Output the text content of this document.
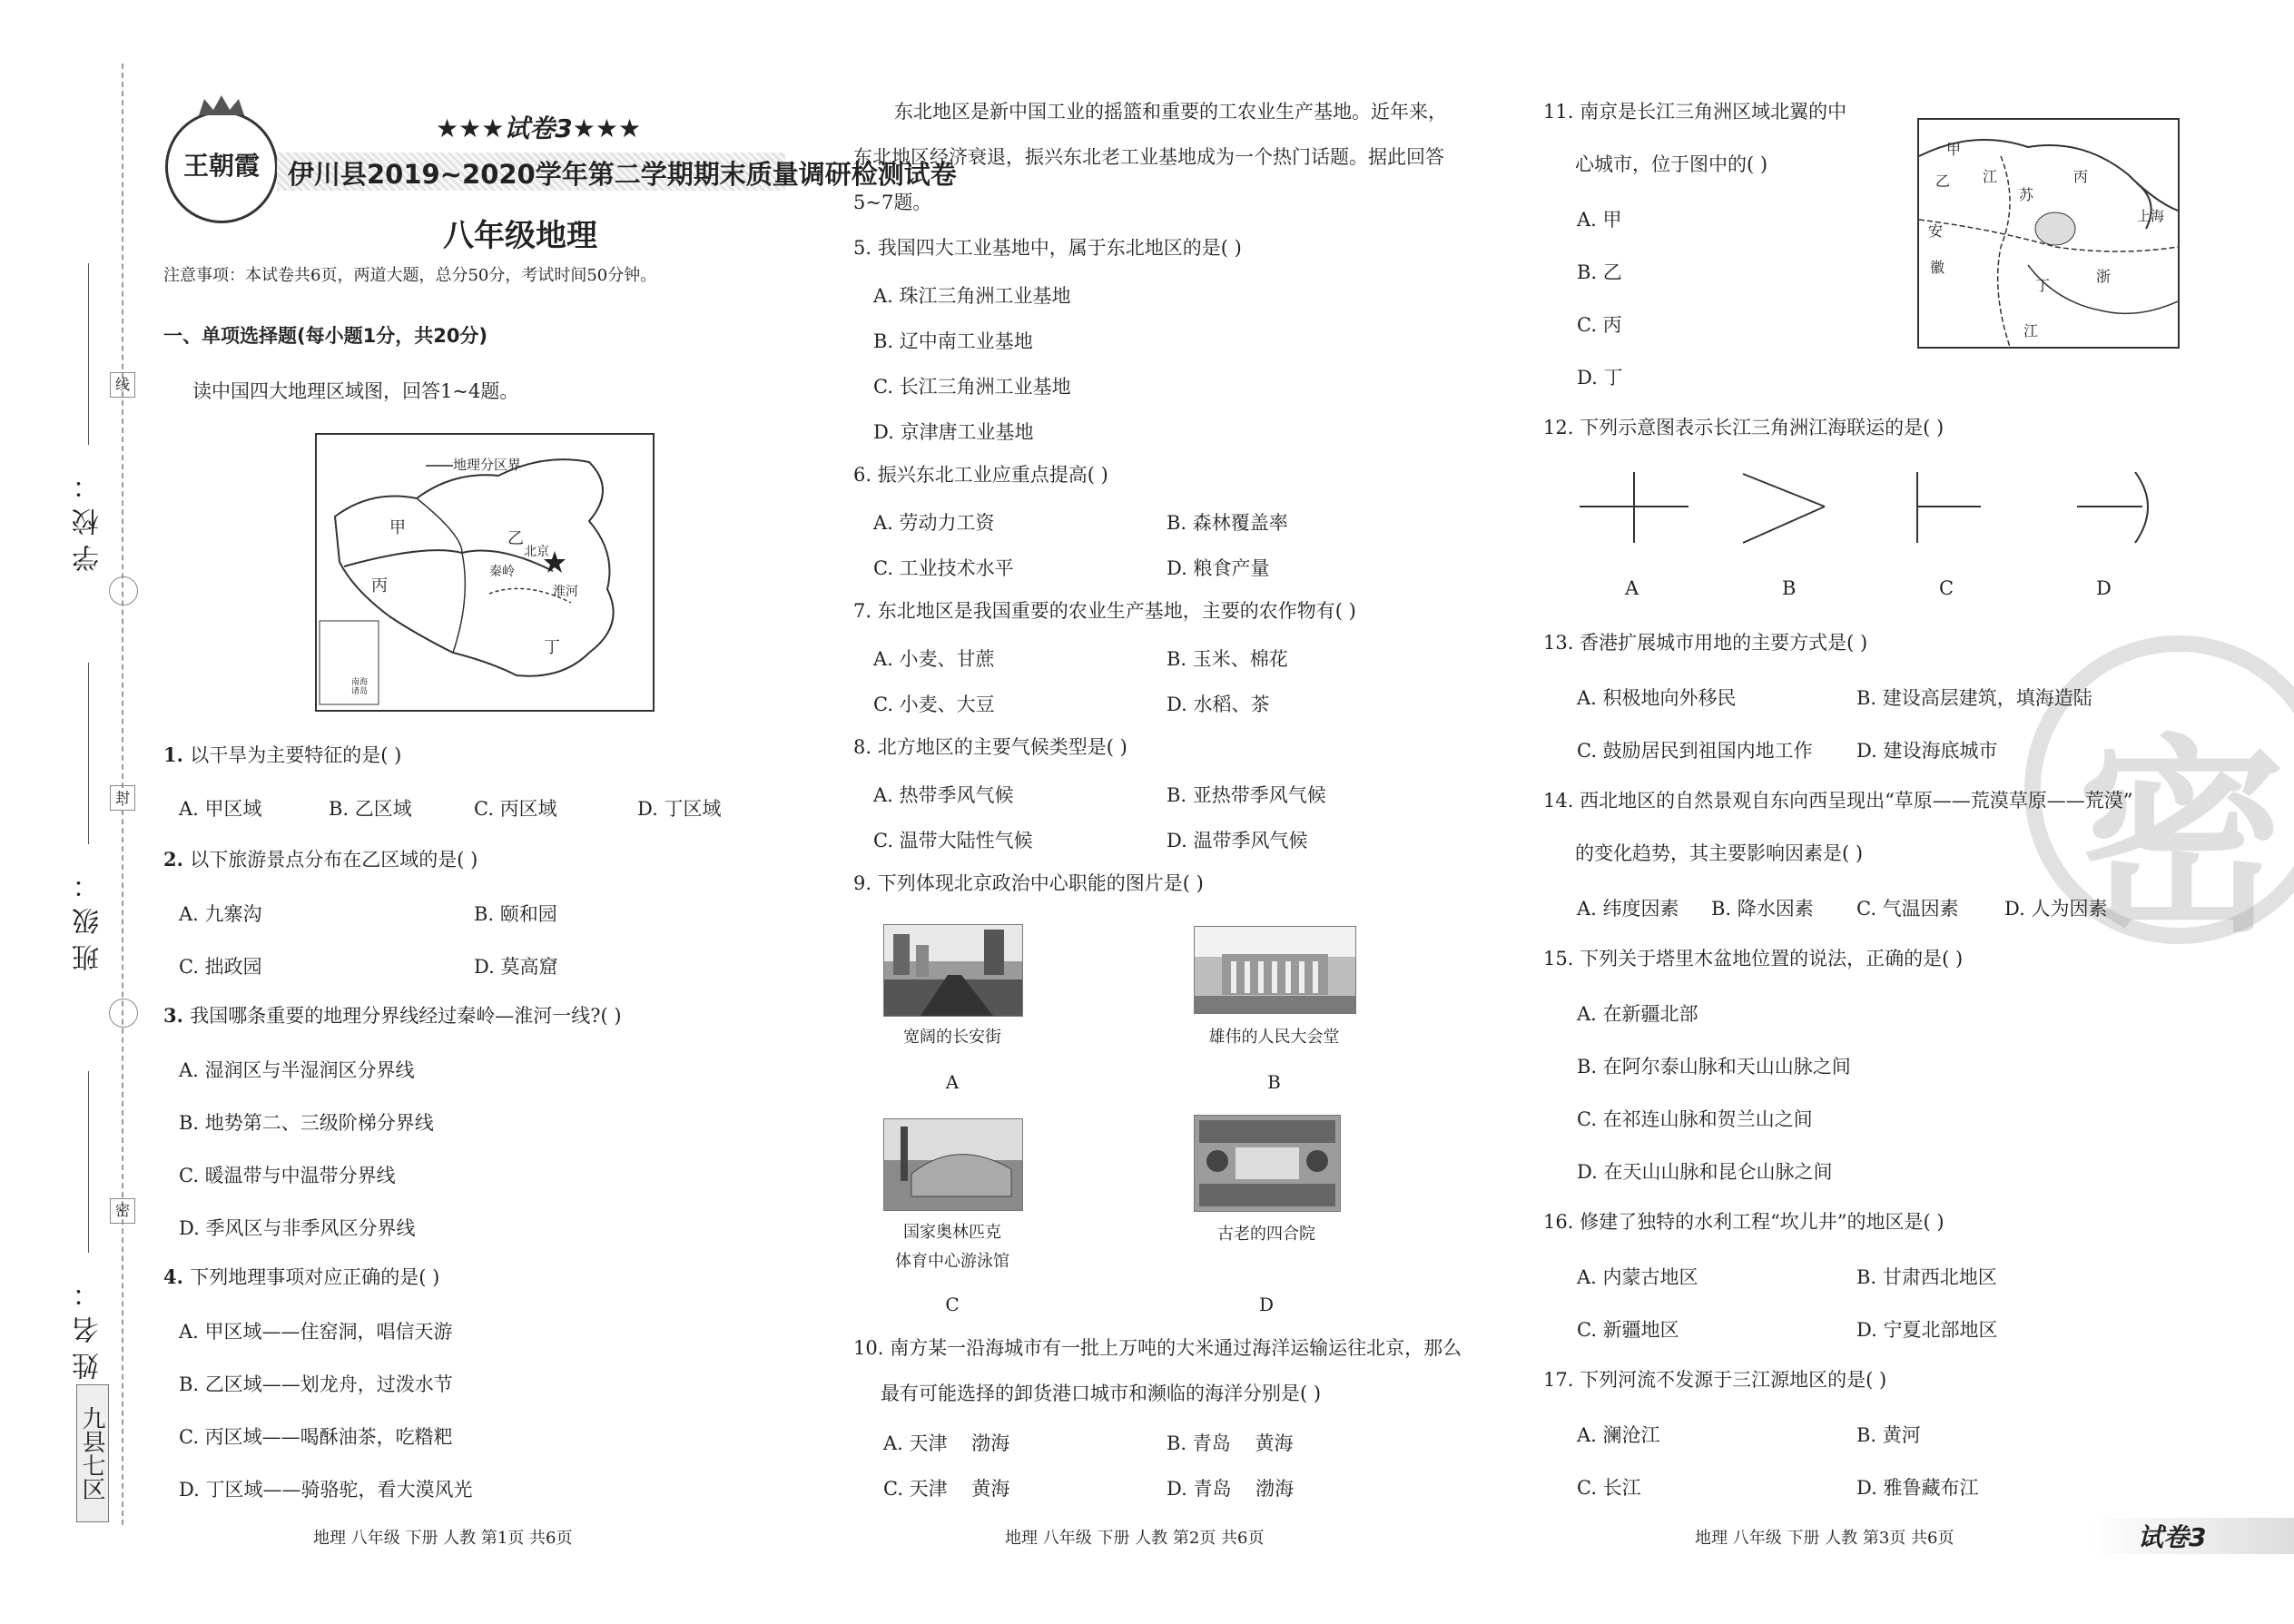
线
封
密
学校：
班级：
姓名：
九县七区
王朝霞
★★★试卷3★★★
伊川县2019~2020学年第二学期期末质量调研检测试卷
八年级地理
注意事项：本试卷共6页，两道大题，总分50分，考试时间50分钟。
一、单项选择题(每小题1分，共20分)
读中国四大地理区域图，回答1~4题。
——地理分区界
甲
乙
丙
丁
北京
秦岭
淮河
南海诸岛
1. 以干旱为主要特征的是( )
A. 甲区域	B. 乙区域	C. 丙区域	D. 丁区域
2. 以下旅游景点分布在乙区域的是( )
A. 九寨沟	B. 颐和园
C. 拙政园	D. 莫高窟
3. 我国哪条重要的地理分界线经过秦岭—淮河一线?( )
A. 湿润区与半湿润区分界线
B. 地势第二、三级阶梯分界线
C. 暖温带与中温带分界线
D. 季风区与非季风区分界线
4. 下列地理事项对应正确的是( )
A. 甲区域——住窑洞，唱信天游
B. 乙区域——划龙舟，过泼水节
C. 丙区域——喝酥油茶，吃糌粑
D. 丁区域——骑骆驼，看大漠风光
地理 八年级 下册 人教 第1页 共6页
东北地区是新中国工业的摇篮和重要的工农业生产基地。近年来，
东北地区经济衰退，振兴东北老工业基地成为一个热门话题。据此回答
5~7题。
5. 我国四大工业基地中，属于东北地区的是( )
A. 珠江三角洲工业基地
B. 辽中南工业基地
C. 长江三角洲工业基地
D. 京津唐工业基地
6. 振兴东北工业应重点提高( )
A. 劳动力工资	B. 森林覆盖率
C. 工业技术水平	D. 粮食产量
7. 东北地区是我国重要的农业生产基地，主要的农作物有( )
A. 小麦、甘蔗	B. 玉米、棉花
C. 小麦、大豆	D. 水稻、茶
8. 北方地区的主要气候类型是( )
A. 热带季风气候	B. 亚热带季风气候
C. 温带大陆性气候	D. 温带季风气候
9. 下列体现北京政治中心职能的图片是( )
宽阔的长安街
A
雄伟的人民大会堂
B
国家奥林匹克
体育中心游泳馆
C
古老的四合院
D
10. 南方某一沿海城市有一批上万吨的大米通过海洋运输运往北京，那么
最有可能选择的卸货港口城市和濒临的海洋分别是( )
A. 天津    渤海	B. 青岛    黄海
C. 天津    黄海	D. 青岛    渤海
地理 八年级 下册 人教 第2页 共6页
11. 南京是长江三角洲区域北翼的中
心城市，位于图中的( )
A. 甲
B. 乙
C. 丙
D. 丁
甲
乙	丙
丁
江
苏
浙
江
安
徽
上海
12. 下列示意图表示长江三角洲江海联运的是( )
A	B	C	D
密
13. 香港扩展城市用地的主要方式是( )
A. 积极地向外移民	B. 建设高层建筑，填海造陆
C. 鼓励居民到祖国内地工作 D. 建设海底城市
14. 西北地区的自然景观自东向西呈现出“草原——荒漠草原——荒漠”
的变化趋势，其主要影响因素是( )
A. 纬度因素 B. 降水因素 C. 气温因素 D. 人为因素
15. 下列关于塔里木盆地位置的说法，正确的是( )
A. 在新疆北部
B. 在阿尔泰山脉和天山山脉之间
C. 在祁连山脉和贺兰山之间
D. 在天山山脉和昆仑山脉之间
16. 修建了独特的水利工程“坎儿井”的地区是( )
A. 内蒙古地区	B. 甘肃西北地区
C. 新疆地区	D. 宁夏北部地区
17. 下列河流不发源于三江源地区的是( )
A. 澜沧江	B. 黄河
C. 长江	D. 雅鲁藏布江
地理 八年级 下册 人教 第3页 共6页	试卷3
